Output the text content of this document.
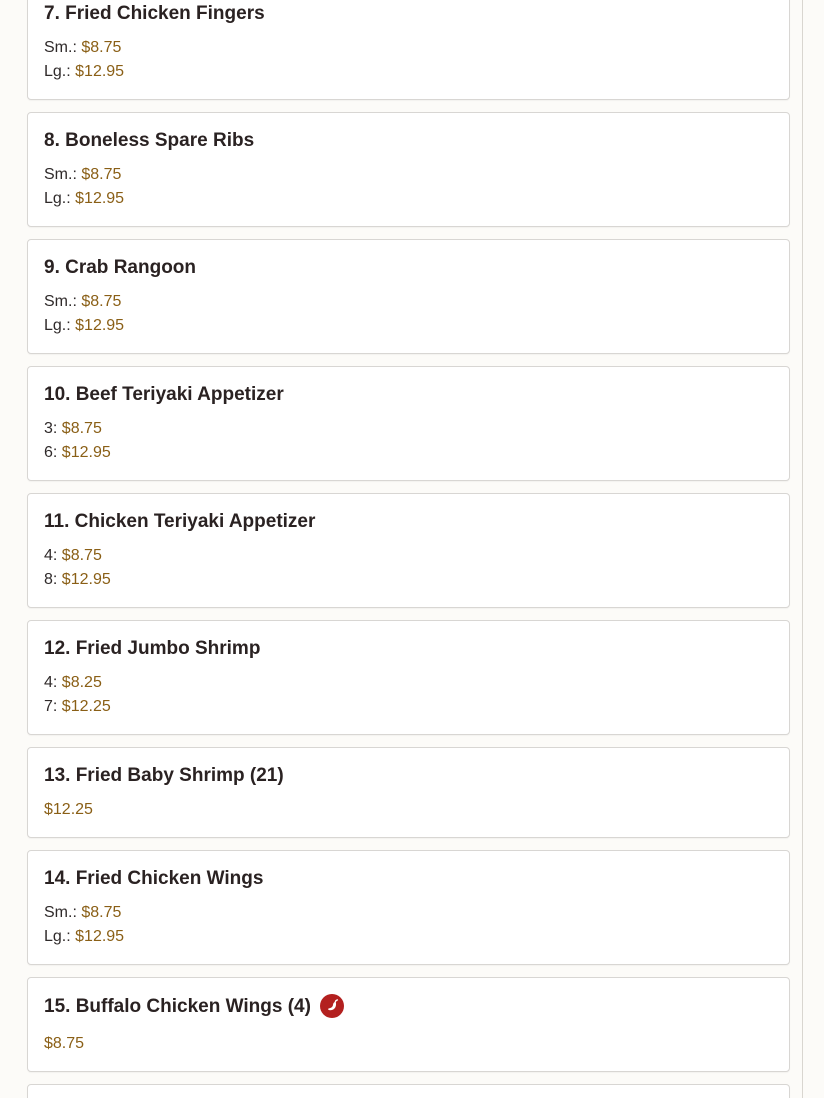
7. Fried Chicken Fingers
Sm.: $8.75
Lg.: $12.95
8. Boneless Spare Ribs
Sm.: $8.75
Lg.: $12.95
9. Crab Rangoon
Sm.: $8.75
Lg.: $12.95
10. Beef Teriyaki Appetizer
3: $8.75
6: $12.95
11. Chicken Teriyaki Appetizer
4: $8.75
8: $12.95
12. Fried Jumbo Shrimp
4: $8.25
7: $12.25
13. Fried Baby Shrimp (21)
$12.25
14. Fried Chicken Wings
Sm.: $8.75
Lg.: $12.95
15. Buffalo Chicken Wings (4)
$8.75
